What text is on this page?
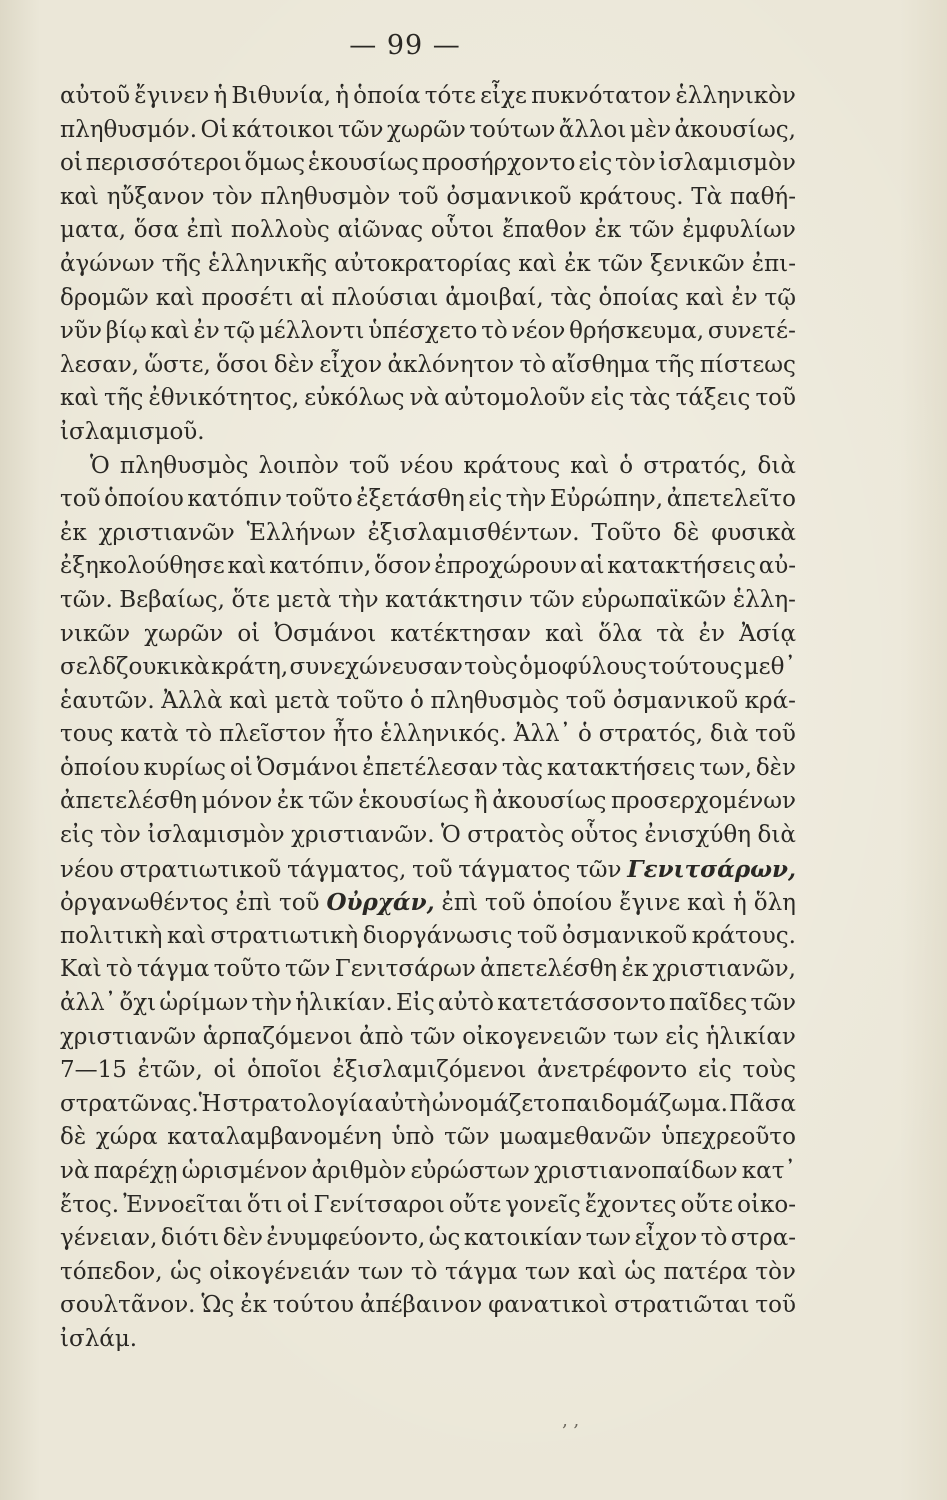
— 99 —
αὐτοῦ ἔγινεν ἡ Βιθυνία, ἡ ὁποία τότε εἶχε πυκνότατον ἑλληνικὸν
πληθυσμόν. Οἱ κάτοικοι τῶν χωρῶν τούτων ἄλλοι μὲν ἀκουσίως,
οἱ περισσότεροι ὅμως ἑκουσίως προσήρχοντο εἰς τὸν ἰσλαμισμὸν
καὶ ηὔξανον τὸν πληθυσμὸν τοῦ ὀσμανικοῦ κράτους. Τὰ παθή-
ματα, ὅσα ἐπὶ πολλοὺς αἰῶνας οὗτοι ἔπαθον ἐκ τῶν ἐμφυλίων
ἀγώνων τῆς ἑλληνικῆς αὐτοκρατορίας καὶ ἐκ τῶν ξενικῶν ἐπι-
δρομῶν καὶ προσέτι αἱ πλούσιαι ἀμοιβαί, τὰς ὁποίας καὶ ἐν τῷ
νῦν βίῳ καὶ ἐν τῷ μέλλοντι ὑπέσχετο τὸ νέον θρήσκευμα, συνετέ-
λεσαν, ὥστε, ὅσοι δὲν εἶχον ἀκλόνητον τὸ αἴσθημα τῆς πίστεως
καὶ τῆς ἐθνικότητος, εὐκόλως νὰ αὐτομολοῦν εἰς τὰς τάξεις τοῦ
ἰσλαμισμοῦ.
Ὁ πληθυσμὸς λοιπὸν τοῦ νέου κράτους καὶ ὁ στρατός, διὰ
τοῦ ὁποίου κατόπιν τοῦτο ἐξετάσθη εἰς τὴν Εὐρώπην, ἀπετελεῖτο
ἐκ χριστιανῶν Ἑλλήνων ἐξισλαμισθέντων. Τοῦτο δὲ φυσικὰ
ἐξηκολούθησε καὶ κατόπιν, ὅσον ἐπροχώρουν αἱ κατακτήσεις αὐ-
τῶν. Βεβαίως, ὅτε μετὰ τὴν κατάκτησιν τῶν εὐρωπαϊκῶν ἑλλη-
νικῶν χωρῶν οἱ Ὀσμάνοι κατέκτησαν καὶ ὅλα τὰ ἐν Ἀσίᾳ
σελδζουκικὰ κράτη, συνεχώνευσαν τοὺς ὁμοφύλους τούτους μεθ᾽
ἑαυτῶν. Ἀλλὰ καὶ μετὰ τοῦτο ὁ πληθυσμὸς τοῦ ὀσμανικοῦ κρά-
τους κατὰ τὸ πλεῖστον ἦτο ἑλληνικός. Ἀλλ᾽ ὁ στρατός, διὰ τοῦ
ὁποίου κυρίως οἱ Ὀσμάνοι ἐπετέλεσαν τὰς κατακτήσεις των, δὲν
ἀπετελέσθη μόνον ἐκ τῶν ἑκουσίως ἢ ἀκουσίως προσερχομένων
εἰς τὸν ἰσλαμισμὸν χριστιανῶν. Ὁ στρατὸς οὗτος ἐνισχύθη διὰ
νέου στρατιωτικοῦ τάγματος, τοῦ τάγματος τῶν Γενιτσάρων,
ὀργανωθέντος ἐπὶ τοῦ Οὐρχάν, ἐπὶ τοῦ ὁποίου ἔγινε καὶ ἡ ὅλη
πολιτικὴ καὶ στρατιωτικὴ διοργάνωσις τοῦ ὀσμανικοῦ κράτους.
Καὶ τὸ τάγμα τοῦτο τῶν Γενιτσάρων ἀπετελέσθη ἐκ χριστιανῶν,
ἀλλ᾽ ὄχι ὡρίμων τὴν ἡλικίαν. Εἰς αὐτὸ κατετάσσοντο παῖδες τῶν
χριστιανῶν ἁρπαζόμενοι ἀπὸ τῶν οἰκογενειῶν των εἰς ἡλικίαν
7—15 ἐτῶν, οἱ ὁποῖοι ἐξισλαμιζόμενοι ἀνετρέφοντο εἰς τοὺς
στρατῶνας.Ἡ στρατολογία αὐτὴ ὠνομάζετο παιδομάζωμα. Πᾶσα
δὲ χώρα καταλαμβανομένη ὑπὸ τῶν μωαμεθανῶν ὑπεχρεοῦτο
νὰ παρέχῃ ὡρισμένον ἀριθμὸν εὐρώστων χριστιανοπαίδων κατ᾽
ἔτος. Ἐννοεῖται ὅτι οἱ Γενίτσαροι οὔτε γονεῖς ἔχοντες οὔτε οἰκο-
γένειαν, διότι δὲν ἐνυμφεύοντο, ὡς κατοικίαν των εἶχον τὸ στρα-
τόπεδον, ὡς οἰκογένειάν των τὸ τάγμα των καὶ ὡς πατέρα τὸν
σουλτᾶνον. Ὡς ἐκ τούτου ἀπέβαινον φανατικοὶ στρατιῶται τοῦ
ἰσλάμ.
‚ ,
